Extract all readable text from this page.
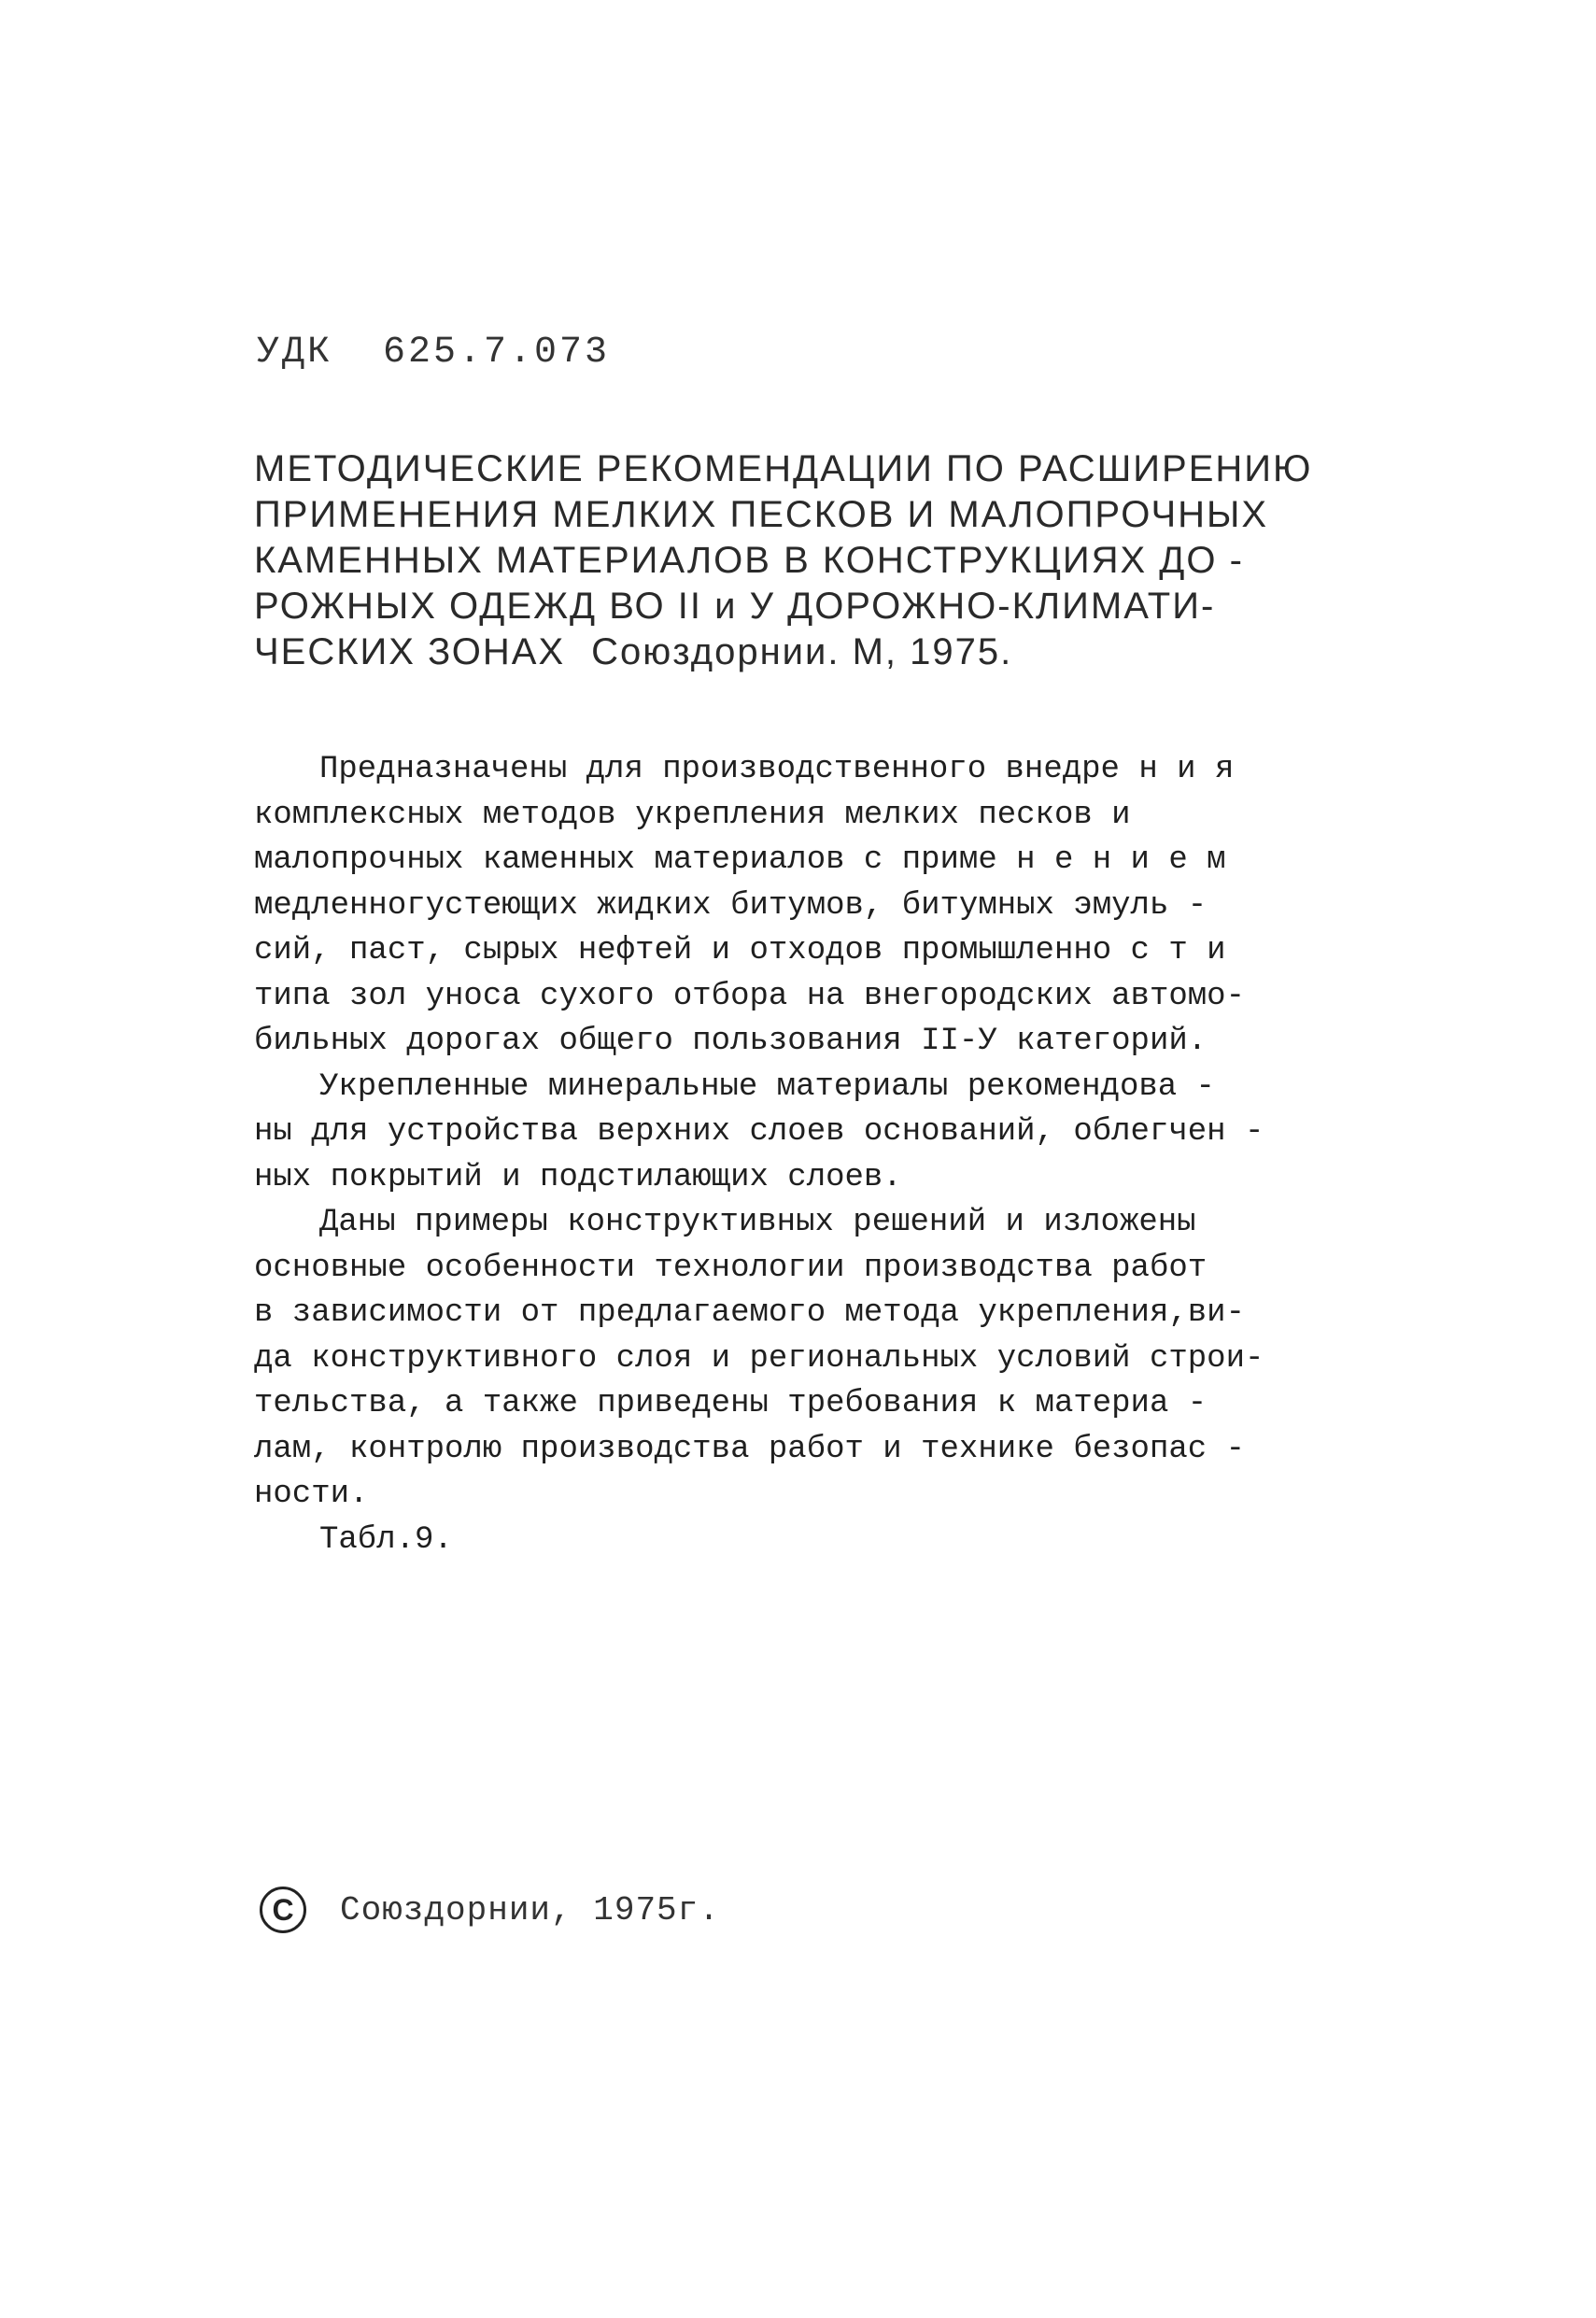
УДК  625.7.073
МЕТОДИЧЕСКИЕ РЕКОМЕНДАЦИИ ПО РАСШИРЕНИЮ
ПРИМЕНЕНИЯ МЕЛКИХ ПЕСКОВ И МАЛОПРОЧНЫХ
КАМЕННЫХ МАТЕРИАЛОВ В КОНСТРУКЦИЯХ ДО -
РОЖНЫХ ОДЕЖД ВО II и У ДОРОЖНО-КЛИМАТИ-
ЧЕСКИХ ЗОНАХ Союздорнии. М, 1975.

Предназначены для производственного внедре н и я
комплексных методов укрепления мелких песков и
малопрочных каменных материалов с приме н е н и е м
медленногустеющих жидких битумов, битумных эмуль -
сий, паст, сырых нефтей и отходов промышленно с т и
типа зол уноса сухого отбора на внегородских автомо-
бильных дорогах общего пользования II-У категорий.

Укрепленные минеральные материалы рекомендова -
ны для устройства верхних слоев оснований, облегчен -
ных покрытий и подстилающих слоев.

Даны примеры конструктивных решений и изложены
основные особенности технологии производства работ
в зависимости от предлагаемого метода укрепления,ви-
да конструктивного слоя и региональных условий строи-
тельства, а также приведены требования к материа -
лам, контролю производства работ и технике безопас -
ности.

Табл.9.
C	Союздорнии, 1975г.
